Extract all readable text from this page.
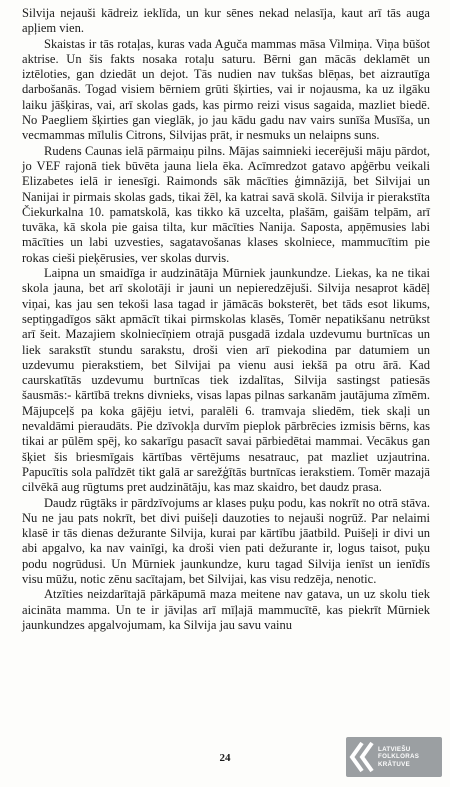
Silvija nejauši kādreiz ieklīda, un kur sēnes nekad nelasīja, kaut arī tās auga apļiem vien.

Skaistas ir tās rotaļas, kuras vada Aguča mammas māsa Vilmiņa. Viņa būšot aktrise. Un šis fakts nosaka rotaļu saturu. Bērni gan mācās deklamēt un iztēloties, gan dziedāt un dejot. Tās nudien nav tukšas blēņas, bet aizrautīga darbošanās. Togad visiem bērniem grūti šķirties, vai ir nojausma, ka uz ilgāku laiku jāšķiras, vai, arī skolas gads, kas pirmo reizi visus sagaida, mazliet biedē. No Paegliem šķirties gan vieglāk, jo jau kādu gadu nav vairs sunīša Musīša, un vecmammas mīlulis Citrons, Silvijas prāt, ir nesmuks un nelaipns suns.

Rudens Caunas ielā pārmaiņu pilns. Mājas saimnieki iecerējuši māju pārdot, jo VEF rajonā tiek būvēta jauna liela ēka. Acīmredzot gatavo apģērbu veikali Elizabetes ielā ir ienesīgi. Raimonds sāk mācīties ģimnāzijā, bet Silvijai un Nanijai ir pirmais skolas gads, tikai žēl, ka katrai savā skolā. Silvija ir pierakstīta Čiekurkalna 10. pamatskolā, kas tikko kā uzcelta, plašām, gaišām telpām, arī tuvāka, kā skola pie gaisa tilta, kur mācīties Nanija. Saposta, apņēmusies labi mācīties un labi uzvesties, sagatavošanas klases skolniece, mammucītim pie rokas cieši pieķērusies, ver skolas durvis.

Laipna un smaidīga ir audzinātāja Mūrniek jaunkundze. Liekas, ka ne tikai skola jauna, bet arī skolotāji ir jauni un nepieredzējuši. Silvija nesaprot kādēļ viņai, kas jau sen tekoši lasa tagad ir jāmācās boksterēt, bet tāds esot likums, septiņgadīgos sākt apmācīt tikai pirmskolas klasēs, Tomēr nepatikšanu netrūkst arī šeit. Mazajiem skolniecīņiem otrajā pusgadā izdala uzdevumu burtnīcas un liek sarakstīt stundu sarakstu, droši vien arī piekodina par datumiem un uzdevumu pierakstiem, bet Silvijai pa vienu ausi iekšā pa otru ārā. Kad caurskatītās uzdevumu burtnīcas tiek izdalītas, Silvija sastingst patiesās šausmās:- kārtībā trekns divnieks, visas lapas pilnas sarkanām jautājuma zīmēm. Mājupceļš pa koka gājēju ietvi, paralēli 6. tramvaja sliedēm, tiek skaļi un nevaldāmi pieraudāts. Pie dzīvokļa durvīm pieplok pārbrēcies izmisis bērns, kas tikai ar pūlēm spēj, ko sakarīgu pasacīt savai pārbiedētai mammai. Vecākus gan šķiet šis briesmīgais kārtības vērtējums nesatrauc, pat mazliet uzjautrina. Papucītis sola palīdzēt tikt galā ar sarežģītās burtnīcas ierakstiem. Tomēr mazajā cilvēkā aug rūgtums pret audzinātāju, kas maz skaidro, bet daudz prasa.

Daudz rūgtāks ir pārdzīvojums ar klases puķu podu, kas nokrīt no otrā stāva. Nu ne jau pats nokrīt, bet divi puišeļi dauzoties to nejauši nogrūž. Par nelaimi klasē ir tās dienas dežurante Silvija, kurai par kārtību jāatbild. Puišeļi ir divi un abi apgalvo, ka nav vainīgi, ka droši vien pati dežurante ir, logus taisot, puķu podu nogrūdusi. Un Mūrniek jaunkundze, kuru tagad Silvija ienīst un ienīdīs visu mūžu, notic zēnu sacītajam, bet Silvijai, kas visu redzēja, nenotic.

Atzīties neizdarītajā pārkāpumā maza meitene nav gatava, un uz skolu tiek aicināta mamma. Un te ir jāviļas arī mīļajā mammucītē, kas piekrīt Mūrniek jaunkundzes apgalvojumam, ka Silvija jau savu vainu

24
LATVIEŠU
FOLKLORAS
KRĀTUVE
